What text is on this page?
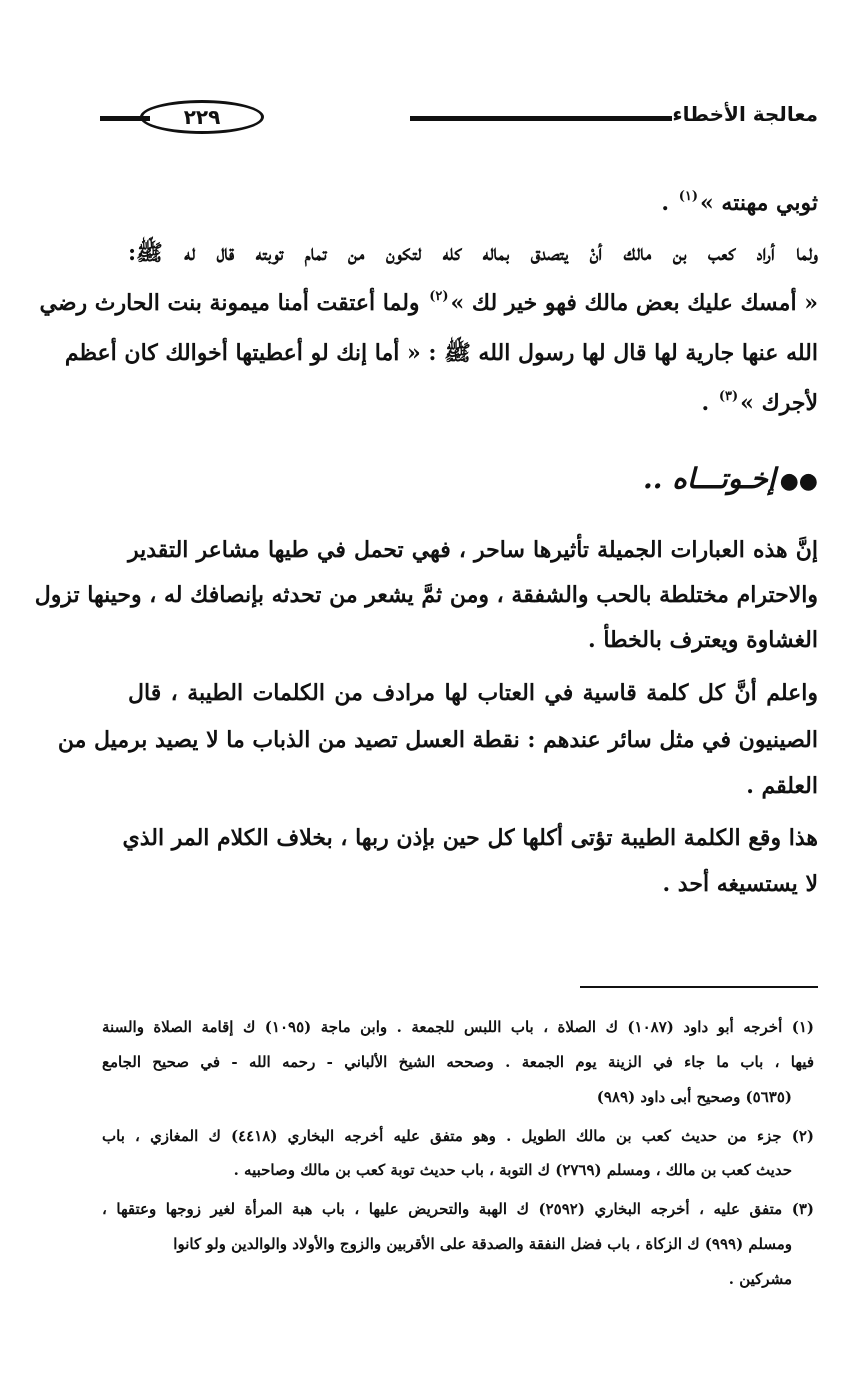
معالجة الأخطاء
٢٢٩
ثوبي مهنته »$^{(١)}$ .
ولما أراد كعب بن مالك أنْ يتصدق بماله كله لتكون من تمام توبته قال له ﷺ:
« أمسك عليك بعض مالك فهو خير لك »$^{(٢)}$ ولما أعتقت أمنا ميمونة بنت الحارث رضي
الله عنها جارية لها قال لها رسول الله ﷺ : « أما إنك لو أعطيتها أخوالك كان أعظم
لأجرك »$^{(٣)}$ .
●●إخـوتـــاه ..
إنَّ هذه العبارات الجميلة تأثيرها ساحر ، فهي تحمل في طيها مشاعر التقدير
والاحترام مختلطة بالحب والشفقة ، ومن ثمَّ يشعر من تحدثه بإنصافك له ، وحينها تزول
الغشاوة ويعترف بالخطأ .
واعلم أنَّ كل كلمة قاسية في العتاب لها مرادف من الكلمات الطيبة ، قال
الصينيون في مثل سائر عندهم : نقطة العسل تصيد من الذباب ما لا يصيد برميل من
العلقم .
هذا وقع الكلمة الطيبة تؤتى أكلها كل حين بإذن ربها ، بخلاف الكلام المر الذي
لا يستسيغه أحد .
(١) أخرجه أبو داود (١٠٨٧) ك الصلاة ، باب اللبس للجمعة . وابن ماجة (١٠٩٥) ك إقامة الصلاة والسنة
فيها ، باب ما جاء في الزينة يوم الجمعة . وصححه الشيخ الألباني - رحمه الله - في صحيح الجامع
(٥٦٣٥) وصحيح أبى داود (٩٨٩)
(٢) جزء من حديث كعب بن مالك الطويل . وهو متفق عليه أخرجه البخاري (٤٤١٨) ك المغازي ، باب
حديث كعب بن مالك ، ومسلم (٢٧٦٩) ك التوبة ، باب حديث توبة كعب بن مالك وصاحبيه .
(٣) متفق عليه ، أخرجه البخاري (٢٥٩٢) ك الهبة والتحريض عليها ، باب هبة المرأة لغير زوجها وعتقها ،
ومسلم (٩٩٩) ك الزكاة ، باب فضل النفقة والصدقة على الأقربين والزوج والأولاد والوالدين ولو كانوا
مشركين .
